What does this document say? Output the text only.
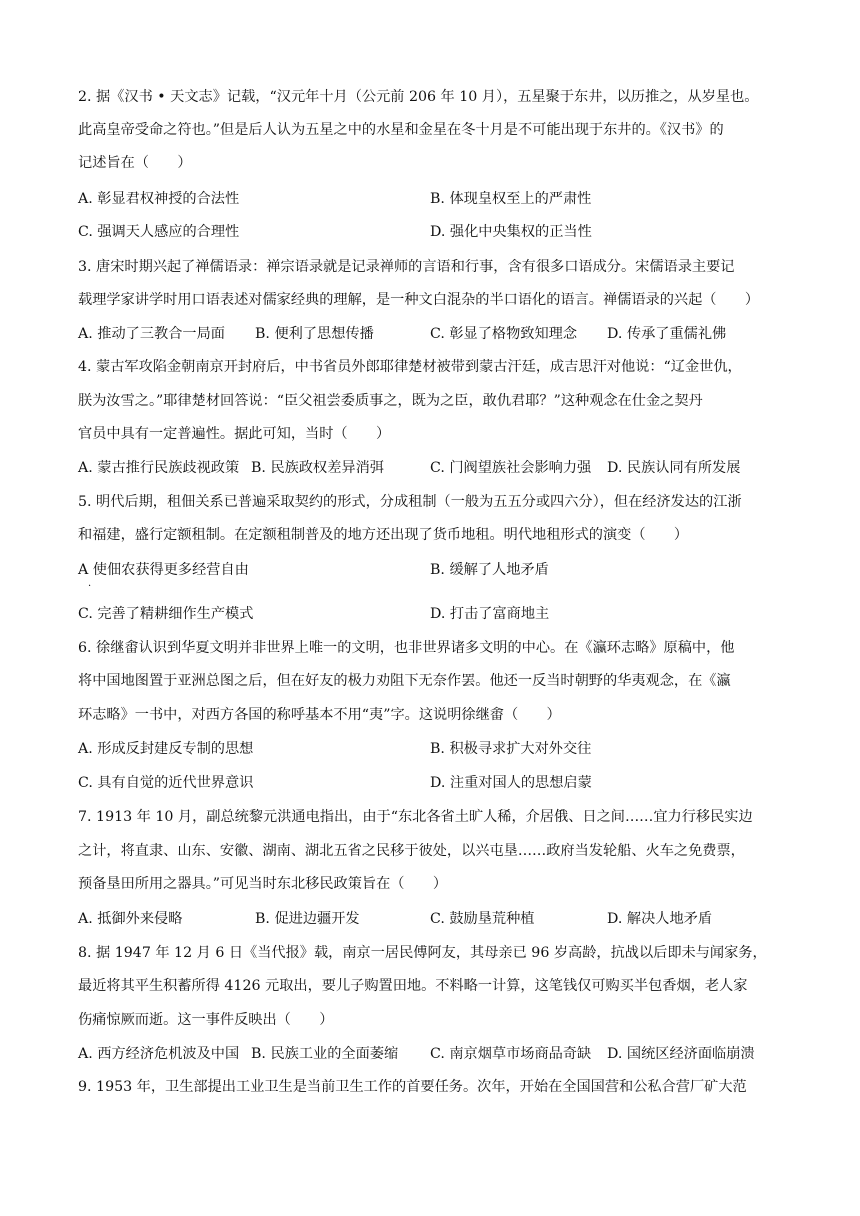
2. 据《汉书 • 天文志》记载，“汉元年十月（公元前 206 年 10 月），五星聚于东井，以历推之，从岁星也。
此高皇帝受命之符也。”但是后人认为五星之中的水星和金星在冬十月是不可能出现于东井的。《汉书》的
记述旨在（　　）
A. 彰显君权神授的合法性	B. 体现皇权至上的严肃性
C. 强调天人感应的合理性	D. 强化中央集权的正当性
3. 唐宋时期兴起了禅儒语录：禅宗语录就是记录禅师的言语和行事，含有很多口语成分。宋儒语录主要记
载理学家讲学时用口语表述对儒家经典的理解，是一种文白混杂的半口语化的语言。禅儒语录的兴起（　　）
A. 推动了三教合一局面 B. 便利了思想传播	C. 彰显了格物致知理念 D. 传承了重儒礼佛
4. 蒙古军攻陷金朝南京开封府后，中书省员外郎耶律楚材被带到蒙古汗廷，成吉思汗对他说：“辽金世仇，
朕为汝雪之。”耶律楚材回答说：“臣父祖尝委质事之，既为之臣，敢仇君耶？”这种观念在仕金之契丹
官员中具有一定普遍性。据此可知，当时（　　）
A. 蒙古推行民族歧视政策 B. 民族政权差异消弭	C. 门阀望族社会影响力强 D. 民族认同有所发展
5. 明代后期，租佃关系已普遍采取契约的形式，分成租制（一般为五五分或四六分），但在经济发达的江浙
和福建，盛行定额租制。在定额租制普及的地方还出现了货币地租。明代地租形式的演变（　　）
A 使佃农获得更多经营自由
·
B. 缓解了人地矛盾
C. 完善了精耕细作生产模式	D. 打击了富商地主
6. 徐继畬认识到华夏文明并非世界上唯一的文明，也非世界诸多文明的中心。在《瀛环志略》原稿中，他
将中国地图置于亚洲总图之后，但在好友的极力劝阻下无奈作罢。他还一反当时朝野的华夷观念，在《瀛
环志略》一书中，对西方各国的称呼基本不用“夷”字。这说明徐继畬（　　）
A. 形成反封建反专制的思想	B. 积极寻求扩大对外交往
C. 具有自觉的近代世界意识	D. 注重对国人的思想启蒙
7. 1913 年 10 月，副总统黎元洪通电指出，由于“东北各省土旷人稀，介居俄、日之间……宜力行移民实边
之计，将直隶、山东、安徽、湖南、湖北五省之民移于彼处，以兴屯垦……政府当发轮船、火车之免费票，
预备垦田所用之器具。”可见当时东北移民政策旨在（　　）
A. 抵御外来侵略	B. 促进边疆开发	C. 鼓励垦荒种植	D. 解决人地矛盾
8. 据 1947 年 12 月 6 日《当代报》载，南京一居民傅阿友，其母亲已 96 岁高龄，抗战以后即未与闻家务，
最近将其平生积蓄所得 4126 元取出，要儿子购置田地。不料略一计算，这笔钱仅可购买半包香烟，老人家
伤痛惊厥而逝。这一事件反映出（　　）
A. 西方经济危机波及中国 B. 民族工业的全面萎缩 C. 南京烟草市场商品奇缺 D. 国统区经济面临崩溃
9. 1953 年，卫生部提出工业卫生是当前卫生工作的首要任务。次年，开始在全国国营和公私合营厂矿大范
